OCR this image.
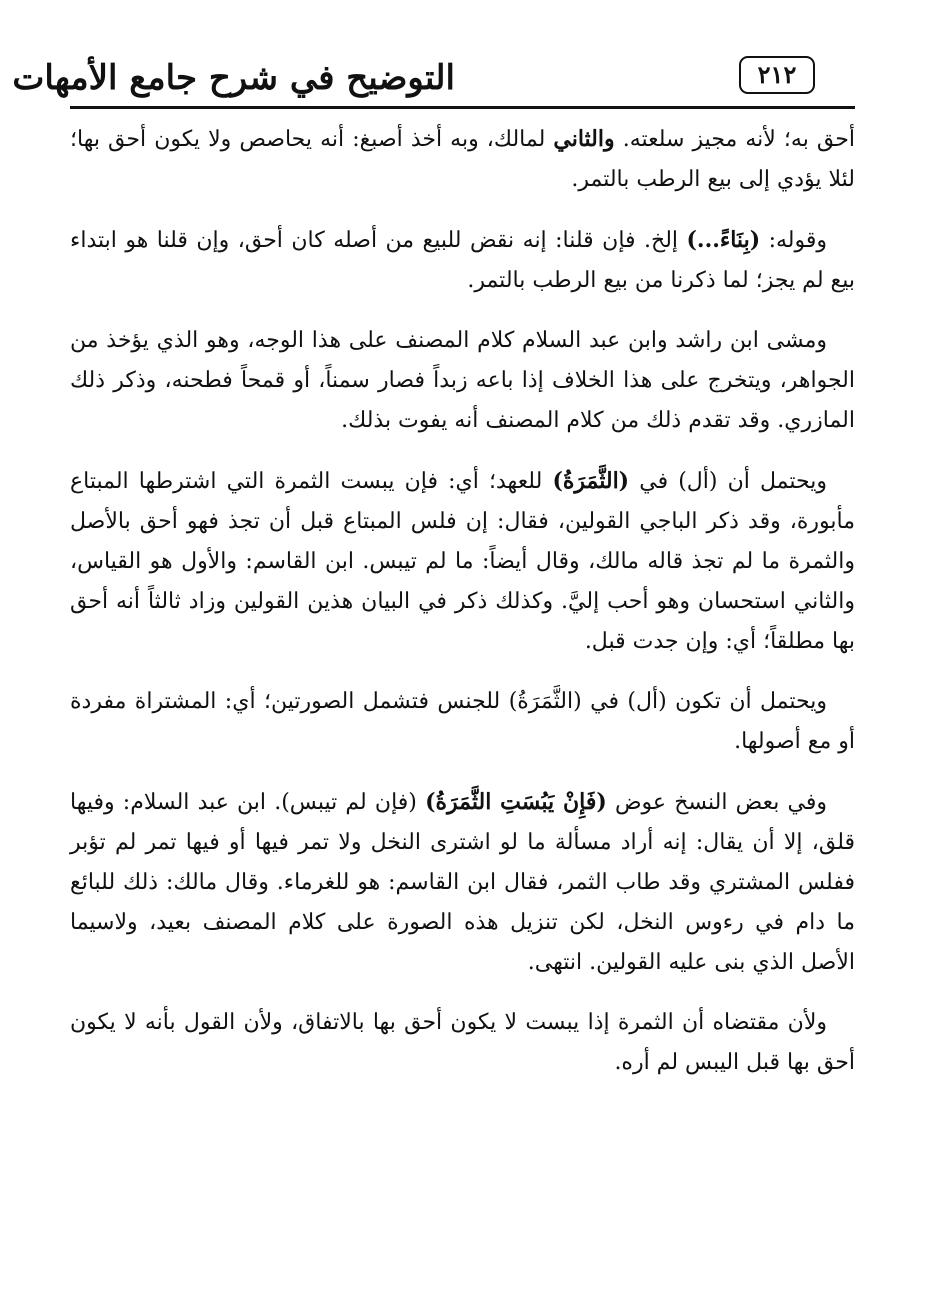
التوضيح في شرح جامع الأمهات	٢١٢

أحق به؛ لأنه مجيز سلعته. والثاني لمالك، وبه أخذ أصبغ: أنه يحاصص ولا يكون أحق بها؛ لئلا يؤدي إلى بيع الرطب بالتمر.

وقوله: (بِنَاءً...) إلخ. فإن قلنا: إنه نقض للبيع من أصله كان أحق، وإن قلنا هو ابتداء بيع لم يجز؛ لما ذكرنا من بيع الرطب بالتمر.

ومشى ابن راشد وابن عبد السلام كلام المصنف على هذا الوجه، وهو الذي يؤخذ من الجواهر، ويتخرج على هذا الخلاف إذا باعه زبداً فصار سمناً، أو قمحاً فطحنه، وذكر ذلك المازري. وقد تقدم ذلك من كلام المصنف أنه يفوت بذلك.

ويحتمل أن (أل) في (الثَّمَرَةُ) للعهد؛ أي: فإن يبست الثمرة التي اشترطها المبتاع مأبورة، وقد ذكر الباجي القولين، فقال: إن فلس المبتاع قبل أن تجذ فهو أحق بالأصل والثمرة ما لم تجذ قاله مالك، وقال أيضاً: ما لم تيبس. ابن القاسم: والأول هو القياس، والثاني استحسان وهو أحب إليَّ. وكذلك ذكر في البيان هذين القولين وزاد ثالثاً أنه أحق بها مطلقاً؛ أي: وإن جدت قبل.

ويحتمل أن تكون (أل) في (الثَّمَرَةُ) للجنس فتشمل الصورتين؛ أي: المشتراة مفردة أو مع أصولها.

وفي بعض النسخ عوض (فَإِنْ يَبُسَتِ الثَّمَرَةُ) (فإن لم تيبس). ابن عبد السلام: وفيها قلق، إلا أن يقال: إنه أراد مسألة ما لو اشترى النخل ولا تمر فيها أو فيها تمر لم تؤبر ففلس المشتري وقد طاب الثمر، فقال ابن القاسم: هو للغرماء. وقال مالك: ذلك للبائع ما دام في رءوس النخل، لكن تنزيل هذه الصورة على كلام المصنف بعيد، ولاسيما الأصل الذي بنى عليه القولين. انتهى.

ولأن مقتضاه أن الثمرة إذا يبست لا يكون أحق بها بالاتفاق، ولأن القول بأنه لا يكون أحق بها قبل اليبس لم أره.
